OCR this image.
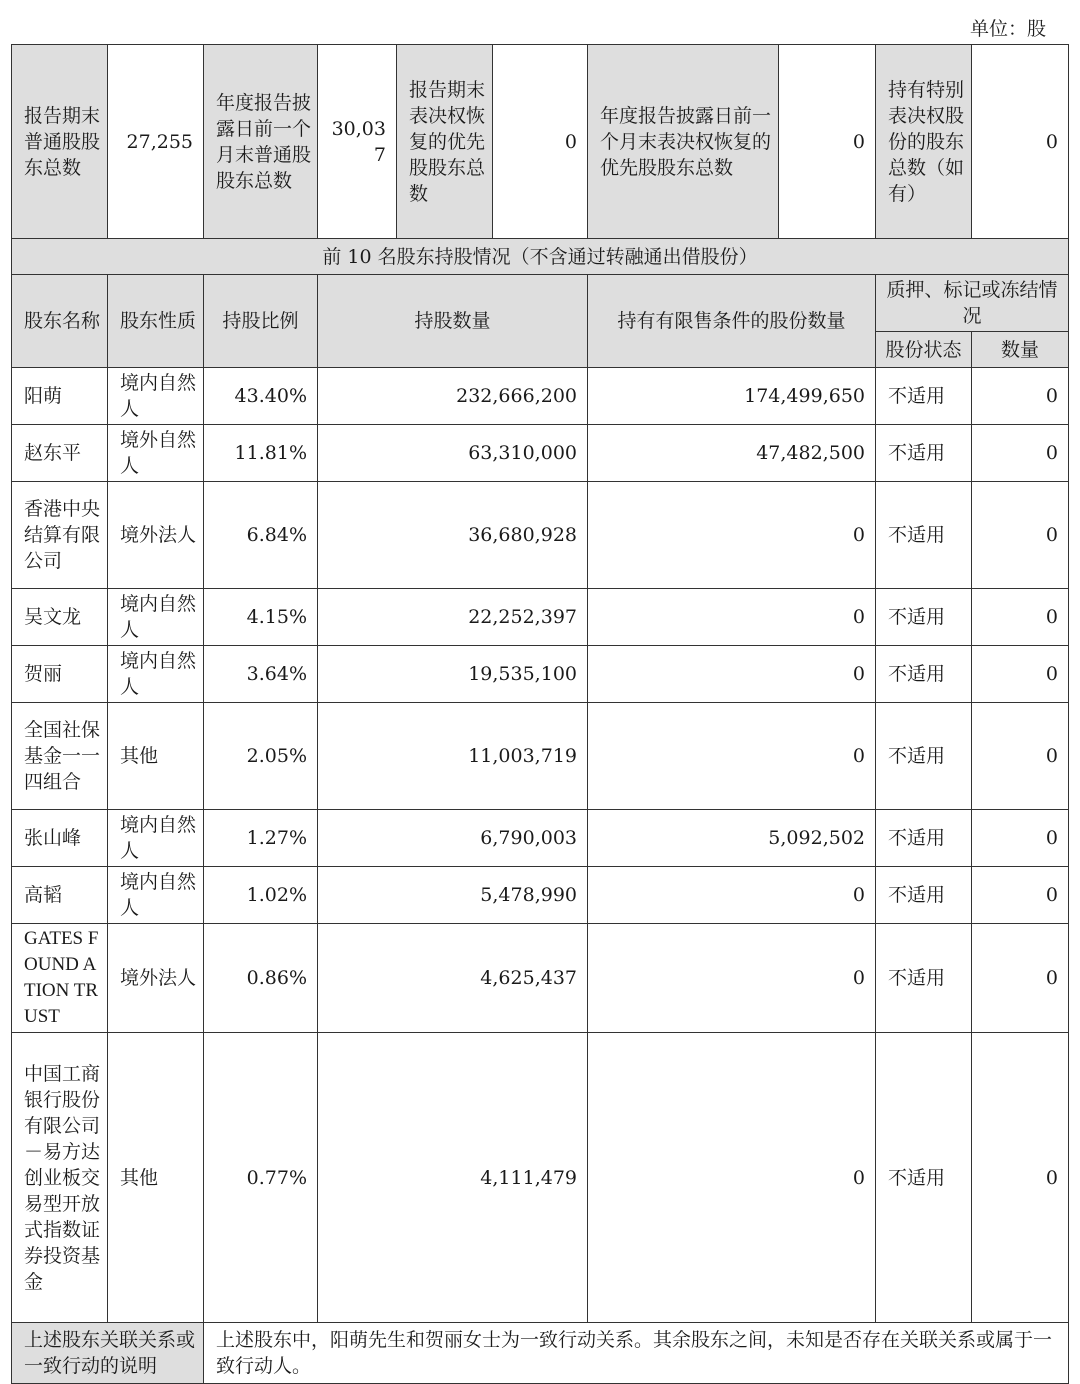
单位：股
报告期末普通股股东总数	27,255	年度报告披露日前一个月末普通股股东总数	30,037	报告期末表决权恢复的优先股股东总数	0	年度报告披露日前一个月末表决权恢复的优先股股东总数	0	持有特别表决权股份的股东总数（如有）	0
前 10 名股东持股情况（不含通过转融通出借股份）									
股东名称	股东性质	持股比例	持股数量			持有有限售条件的股份数量		质押、标记或冻结情况	
								股份状态	数量
阳萌	境内自然人	43.40%	232,666,200			174,499,650		不适用	0
赵东平	境外自然人	11.81%	63,310,000			47,482,500		不适用	0
香港中央结算有限公司	境外法人	6.84%	36,680,928			0		不适用	0
吴文龙	境内自然人	4.15%	22,252,397			0		不适用	0
贺丽	境内自然人	3.64%	19,535,100			0		不适用	0
全国社保基金一一四组合	其他	2.05%	11,003,719			0		不适用	0
张山峰	境内自然人	1.27%	6,790,003			5,092,502		不适用	0
高韬	境内自然人	1.02%	5,478,990			0		不适用	0
GATES FOUND ATION TRUST	境外法人	0.86%	4,625,437			0		不适用	0
中国工商银行股份有限公司－易方达创业板交易型开放式指数证券投资基金	其他	0.77%	4,111,479			0		不适用	0
上述股东关联关系或一致行动的说明		上述股东中，阳萌先生和贺丽女士为一致行动关系。其余股东之间，未知是否存在关联关系或属于一致行动人。							
